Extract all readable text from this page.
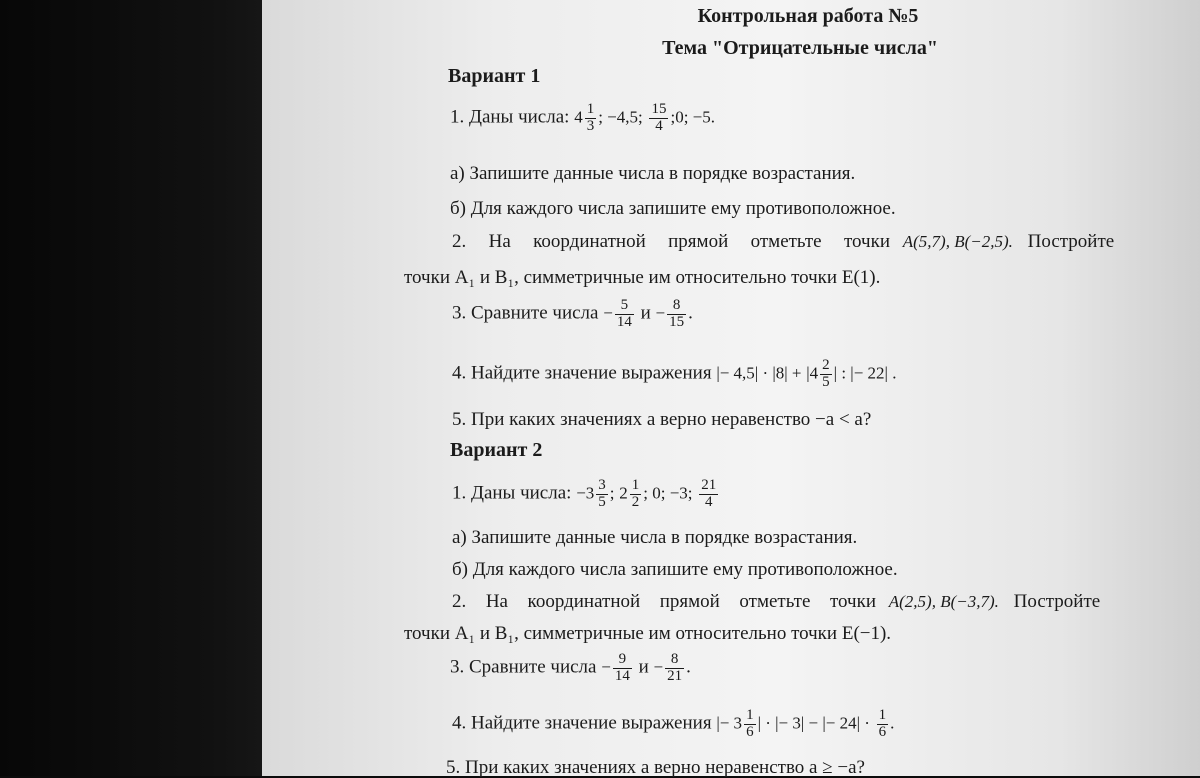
Контрольная работа №5
Тема "Отрицательные числа"
Вариант 1
1. Даны числа: $4 \frac{1}{3}$ ; −4,5; $\frac{15}{4}$ ;0; −5.
а) Запишите данные числа в порядке возрастания.
б) Для каждого числа запишите ему противоположное.
2. На координатной прямой отметьте точки A(5,7), B(−2,5). Постройте
точки A₁ и B₁, симметричные им относительно точки E(1).
3. Сравните числа − $\frac{5}{14}$ $и - \frac{8}{15}$ .
4. Найдите значение выражения |− $4,5| \cdot |8| + |4 \frac{2}{5}$ | : |− 22| .
5. При каких значениях a верно неравенство −a < a?
Вариант 2
1. Даны числа: $-3 \frac{3}{5}$ ; $2 \frac{1}{2}$ ; 0; −3; $\frac{21}{4}$
а) Запишите данные числа в порядке возрастания.
б) Для каждого числа запишите ему противоположное.
2. На координатной прямой отметьте точки A(2,5), B(−3,7). Постройте
точки A₁ и B₁, симметричные им относительно точки E(−1).
3. Сравните числа − $\frac{9}{14}$ $и - \frac{8}{21}$ .
4. Найдите значение выражения |− $3 \frac{1}{6}$ | · |− 3| − |− $24| \cdot \frac{1}{6}$ .
5. При каких значениях a верно неравенство a ≥ −a?
